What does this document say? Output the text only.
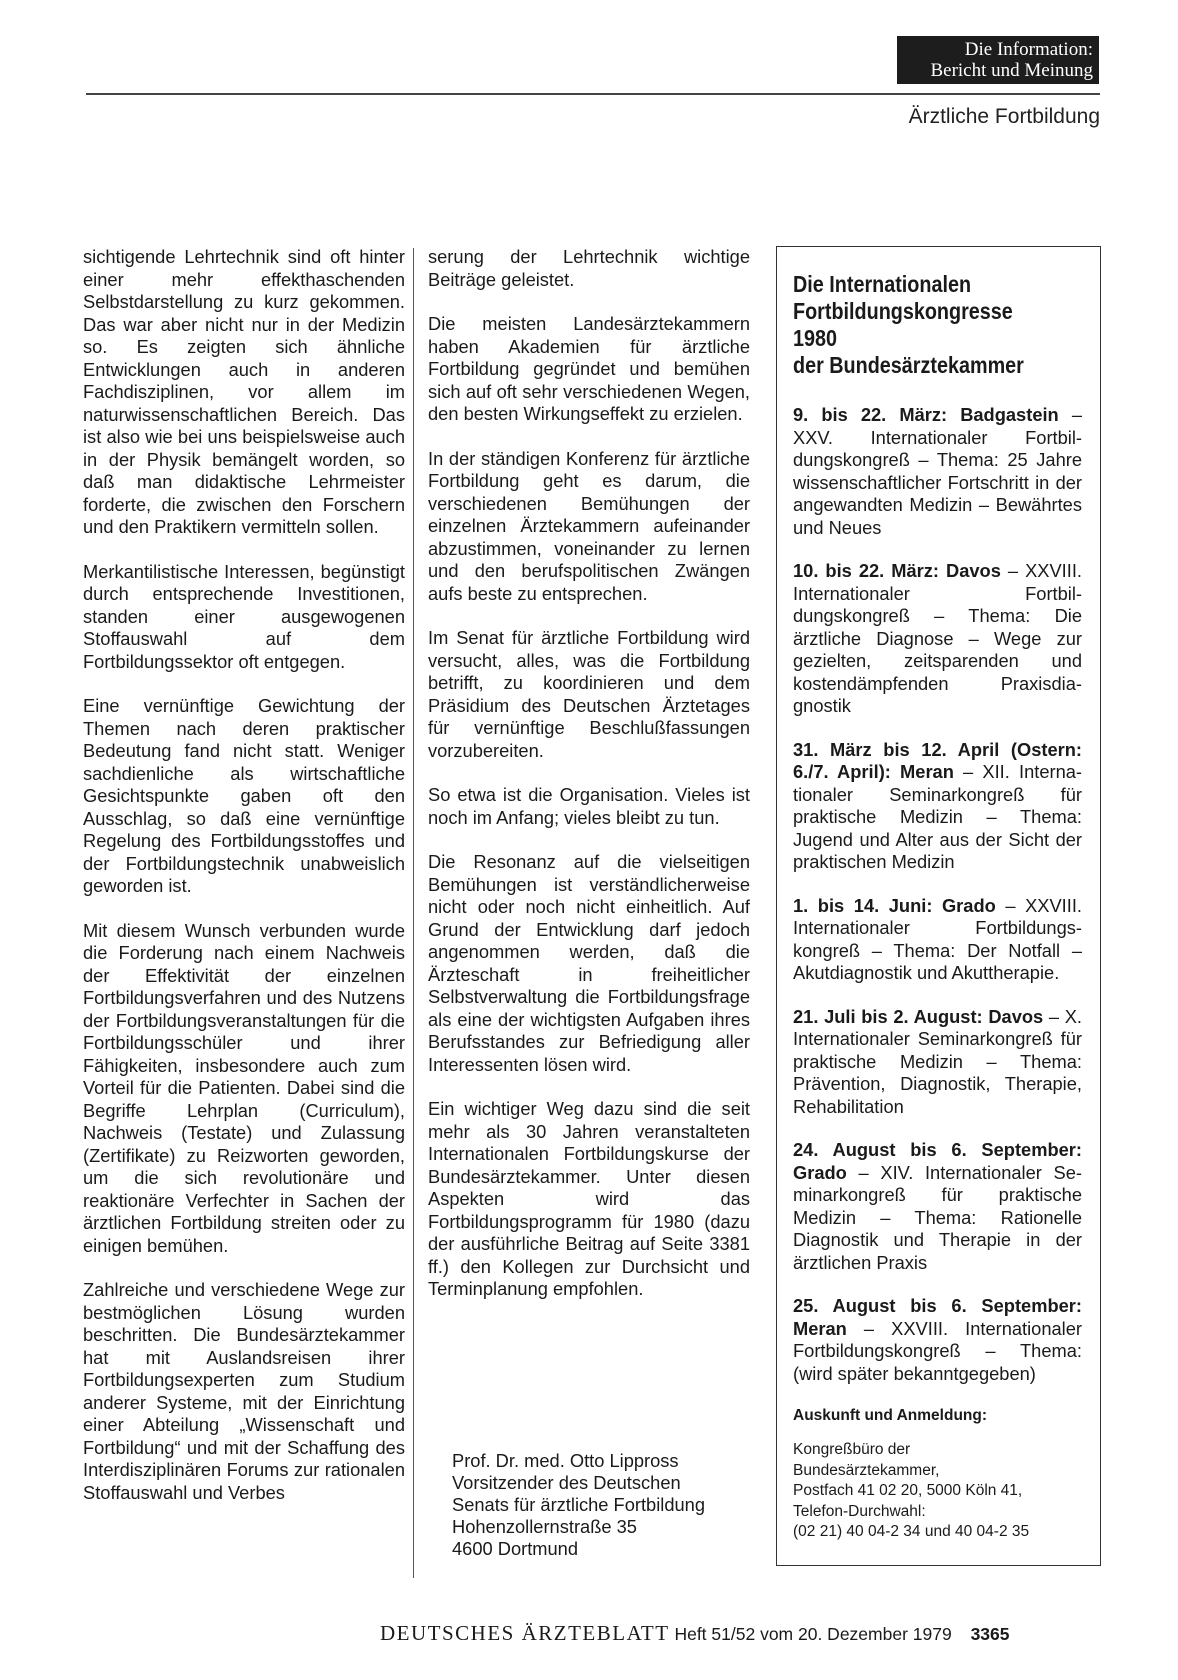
Die Information:
Bericht und Meinung
Ärztliche Fortbildung

sichtigende Lehrtechnik sind oft hinter einer mehr effekthaschenden Selbstdarstellung zu kurz gekommen. Das war aber nicht nur in der Medizin so. Es zeigten sich ähnliche Entwicklungen auch in anderen Fachdisziplinen, vor allem im naturwissenschaftlichen Bereich. Das ist also wie bei uns beispielsweise auch in der Physik bemängelt worden, so daß man didaktische Lehrmeister forderte, die zwischen den Forschern und den Praktikern vermitteln sollen.

Merkantilistische Interessen, begünstigt durch entsprechende Investitionen, standen einer ausgewogenen Stoffauswahl auf dem Fortbildungssektor oft entgegen.

Eine vernünftige Gewichtung der Themen nach deren praktischer Bedeutung fand nicht statt. Weniger sachdienliche als wirtschaftliche Gesichtspunkte gaben oft den Ausschlag, so daß eine vernünftige Regelung des Fortbildungsstoffes und der Fortbildungstechnik unabweislich geworden ist.

Mit diesem Wunsch verbunden wurde die Forderung nach einem Nachweis der Effektivität der einzelnen Fortbildungsverfahren und des Nutzens der Fortbildungsveranstaltungen für die Fortbildungsschüler und ihrer Fähigkeiten, insbesondere auch zum Vorteil für die Patienten. Dabei sind die Begriffe Lehrplan (Curriculum), Nachweis (Testate) und Zulassung (Zertifikate) zu Reizworten geworden, um die sich revolutionäre und reaktionäre Verfechter in Sachen der ärztlichen Fortbildung streiten oder zu einigen bemühen.

Zahlreiche und verschiedene Wege zur bestmöglichen Lösung wurden beschritten. Die Bundesärztekammer hat mit Auslandsreisen ihrer Fortbildungsexperten zum Studium anderer Systeme, mit der Einrichtung einer Abteilung „Wissenschaft und Fortbildung“ und mit der Schaffung des Interdisziplinären Forums zur rationalen Stoffauswahl und Verbes

serung der Lehrtechnik wichtige Beiträge geleistet.

Die meisten Landesärztekammern haben Akademien für ärztliche Fortbildung gegründet und bemühen sich auf oft sehr verschiedenen Wegen, den besten Wirkungseffekt zu erzielen.

In der ständigen Konferenz für ärztliche Fortbildung geht es darum, die verschiedenen Bemühungen der einzelnen Ärztekammern aufeinander abzustimmen, voneinander zu lernen und den berufspolitischen Zwängen aufs beste zu entsprechen.

Im Senat für ärztliche Fortbildung wird versucht, alles, was die Fortbildung betrifft, zu koordinieren und dem Präsidium des Deutschen Ärztetages für vernünftige Beschlußfassungen vorzubereiten.

So etwa ist die Organisation. Vieles ist noch im Anfang; vieles bleibt zu tun.

Die Resonanz auf die vielseitigen Bemühungen ist verständlicherweise nicht oder noch nicht einheitlich. Auf Grund der Entwicklung darf jedoch angenommen werden, daß die Ärzteschaft in freiheitlicher Selbstverwaltung die Fortbildungsfrage als eine der wichtigsten Aufgaben ihres Berufsstandes zur Befriedigung aller Interessenten lösen wird.

Ein wichtiger Weg dazu sind die seit mehr als 30 Jahren veranstalteten Internationalen Fortbildungskurse der Bundesärztekammer. Unter diesen Aspekten wird das Fortbildungsprogramm für 1980 (dazu der ausführliche Beitrag auf Seite 3381 ff.) den Kollegen zur Durchsicht und Terminplanung empfohlen.

Prof. Dr. med. Otto Lippross
Vorsitzender des Deutschen
Senats für ärztliche Fortbildung
Hohenzollernstraße 35
4600 Dortmund
Die Internationalen
Fortbildungskongresse
1980
der Bundesärztekammer

9. bis 22. März: Badgastein – XXV. Internationaler Fortbildungskongreß – Thema: 25 Jahre wissenschaftlicher Fortschritt in der angewandten Medizin – Bewährtes und Neues

10. bis 22. März: Davos – XXVIII. Internationaler Fortbildungskongreß – Thema: Die ärztliche Diagnose – Wege zur gezielten, zeitsparenden und kostendämpfenden Praxisdiagnostik

31. März bis 12. April (Ostern: 6./7. April): Meran – XII. Internationaler Seminarkongreß für praktische Medizin – Thema: Jugend und Alter aus der Sicht der praktischen Medizin

1. bis 14. Juni: Grado – XXVIII. Internationaler Fortbildungskongreß – Thema: Der Notfall – Akutdiagnostik und Akuttherapie.

21. Juli bis 2. August: Davos – X. Internationaler Seminarkongreß für praktische Medizin – Thema: Prävention, Diagnostik, Therapie, Rehabilitation

24. August bis 6. September: Grado – XIV. Internationaler Seminarkongreß für praktische Medizin – Thema: Rationelle Diagnostik und Therapie in der ärztlichen Praxis

25. August bis 6. September: Meran – XXVIII. Internationaler Fortbildungskongreß – Thema: (wird später bekanntgegeben)

Auskunft und Anmeldung:
Kongreßbüro der
Bundesärztekammer,
Postfach 41 02 20, 5000 Köln 41,
Telefon-Durchwahl:
(02 21) 40 04-2 34 und 40 04-2 35
DEUTSCHES ÄRZTEBLATT Heft 51/52 vom 20. Dezember 1979 3365
